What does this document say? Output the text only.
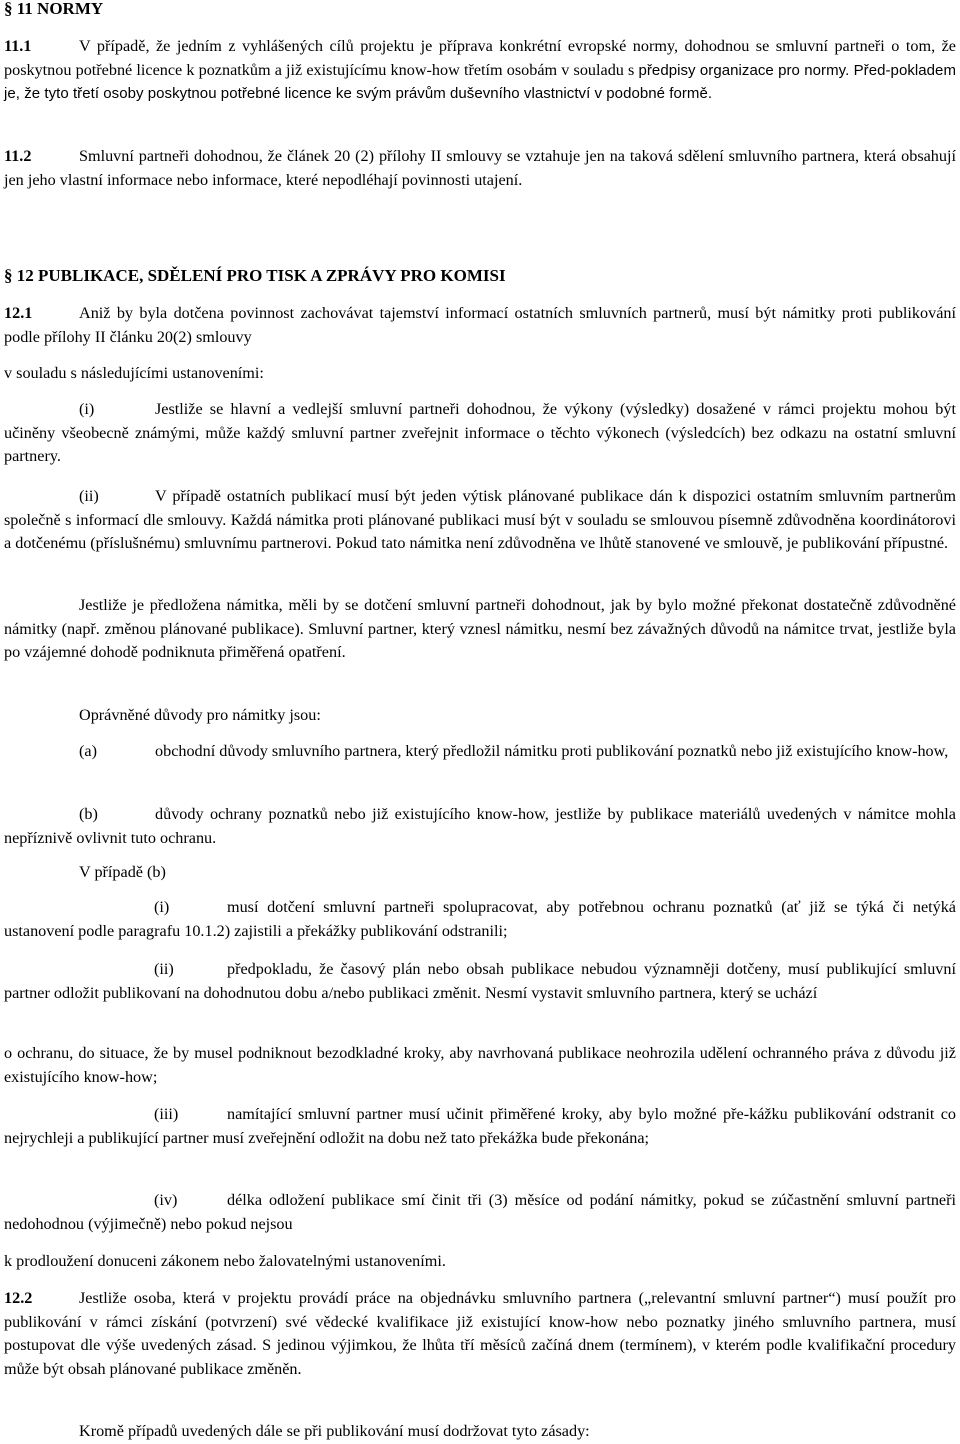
§ 11 NORMY
11.1	V případě, že jedním z vyhlášených cílů projektu je příprava konkrétní evropské normy, dohodnou se smluvní partneři o tom, že poskytnou potřebné licence k poznatkům a již existujícímu know-how třetím osobám v souladu s předpisy organizace pro normy. Před-pokladem je, že tyto třetí osoby poskytnou potřebné licence ke svým právům duševního vlastnictví v podobné formě.
11.2	Smluvní partneři dohodnou, že článek 20 (2) přílohy II smlouvy se vztahuje jen na taková sdělení smluvního partnera, která obsahují jen jeho vlastní informace nebo informace, které nepodléhají povinnosti utajení.
§ 12 PUBLIKACE, SDĚLENÍ PRO TISK A ZPRÁVY PRO KOMISI
12.1	Aniž by byla dotčena povinnost zachovávat tajemství informací ostatních smluvních partnerů, musí být námitky proti publikování podle přílohy II článku 20(2) smlouvy
v souladu s následujícími ustanoveními:
(i)	Jestliže se hlavní a vedlejší smluvní partneři dohodnou, že výkony (výsledky) dosažené v rámci projektu mohou být učiněny všeobecně známými, může každý smluvní partner zveřejnit informace o těchto výkonech (výsledcích) bez odkazu na ostatní smluvní partnery.
(ii)	V případě ostatních publikací musí být jeden výtisk plánované publikace dán k dispozici ostatním smluvním partnerům společně s informací dle smlouvy. Každá námitka proti plánované publikaci musí být v souladu se smlouvou písemně zdůvodněna koordinátorovi a dotčenému (příslušnému) smluvnímu partnerovi. Pokud tato námitka není zdůvodněna ve lhůtě stanovené ve smlouvě, je publikování přípustné.
Jestliže je předložena námitka, měli by se dotčení smluvní partneři dohodnout, jak by bylo možné překonat dostatečně zdůvodněné námitky (např. změnou plánované publikace). Smluvní partner, který vznesl námitku, nesmí bez závažných důvodů na námitce trvat, jestliže byla po vzájemné dohodě podniknuta přiměřená opatření.
Oprávněné důvody pro námitky jsou:
(a)	obchodní důvody smluvního partnera, který předložil námitku proti publikování poznatků nebo již existujícího know-how,
(b)	důvody ochrany poznatků nebo již existujícího know-how, jestliže by publikace materiálů uvedených v námitce mohla nepříznivě ovlivnit tuto ochranu.
V případě (b)
(i)	musí dotčení smluvní partneři spolupracovat, aby potřebnou ochranu poznatků (ať již se týká či netýká ustanovení podle paragrafu 10.1.2) zajistili a překážky publikování odstranili;
(ii)	předpokladu, že časový plán nebo obsah publikace nebudou významněji dotčeny, musí publikující smluvní partner odložit publikovaní na dohodnutou dobu a/nebo publikaci změnit. Nesmí vystavit smluvního partnera, který se uchází
o ochranu, do situace, že by musel podniknout bezodkladné kroky, aby navrhovaná publikace neohrozila udělení ochranného práva z důvodu již existujícího know-how;
(iii)	namítající smluvní partner musí učinit přiměřené kroky, aby bylo možné pře-kážku publikování odstranit co nejrychleji a publikující partner musí zveřejnění odložit na dobu než tato překážka bude překonána;
(iv)	délka odložení publikace smí činit tři (3) měsíce od podání námitky, pokud se zúčastnění smluvní partneři nedohodnou (výjimečně) nebo pokud nejsou
k prodloužení donuceni zákonem nebo žalovatelnými ustanoveními.
12.2	Jestliže osoba, která v projektu provádí práce na objednávku smluvního partnera („relevantní smluvní partner“) musí použít pro publikování v rámci získání (potvrzení) své vědecké kvalifikace již existující know-how nebo poznatky jiného smluvního partnera, musí postupovat dle výše uvedených zásad. S jedinou výjimkou, že lhůta tří měsíců začíná dnem (termínem), v kterém podle kvalifikační procedury může být obsah plánované publikace změněn.
Kromě případů uvedených dále se při publikování musí dodržovat tyto zásady:
